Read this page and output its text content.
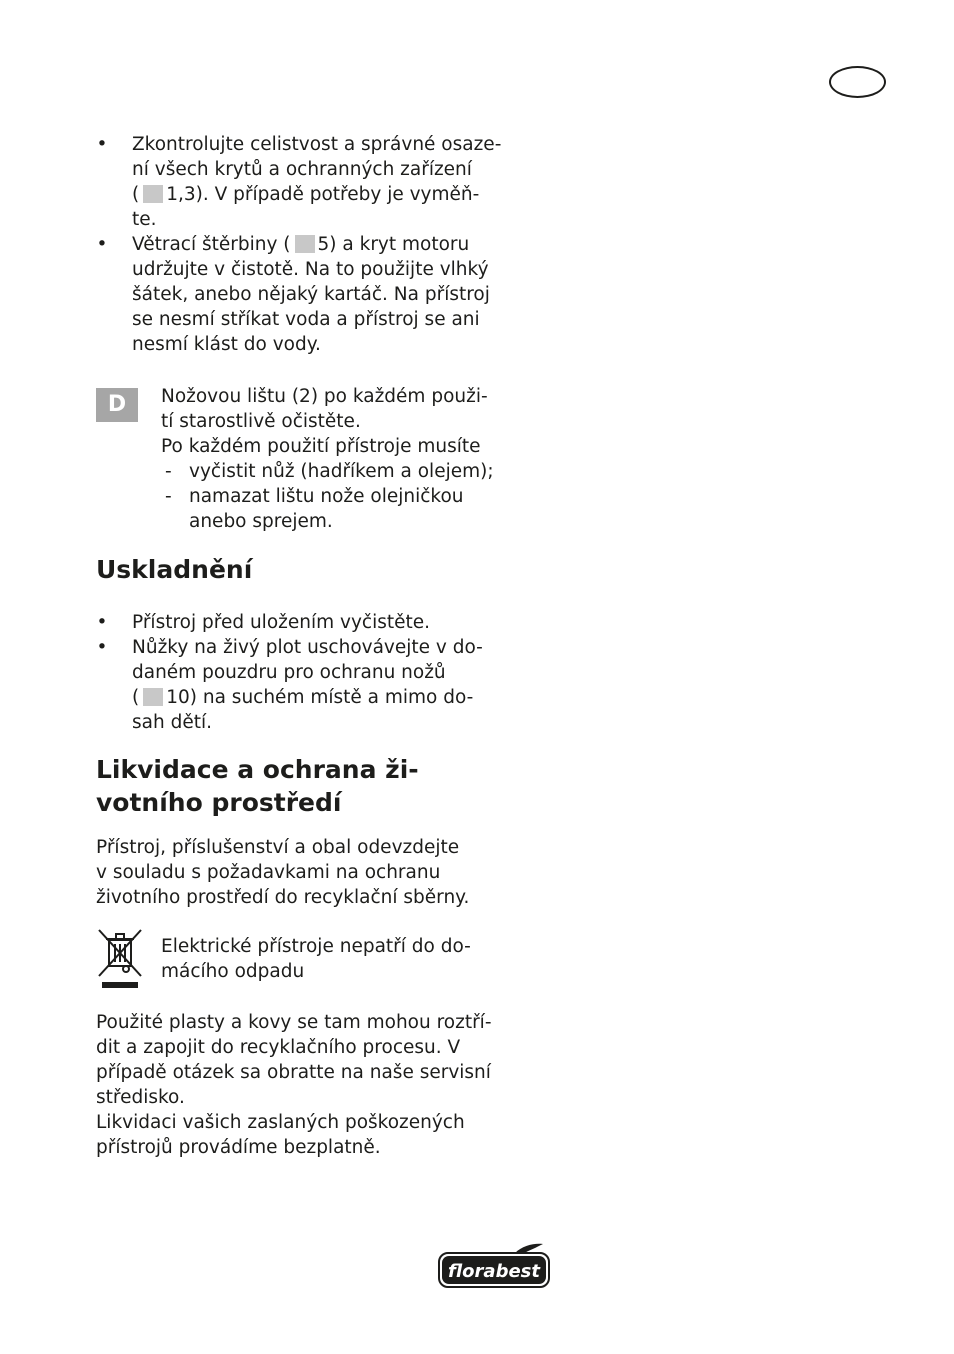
• Zkontrolujte celistvost a správné osaze-
ní všech krytů a ochranných zařízení
( 1,3). V případě potřeby je vyměň-
te.
• Větrací štěrbiny ( 5) a kryt motoru
udržujte v čistotě. Na to použijte vlhký
šátek, anebo nějaký kartáč. Na přístroj
se nesmí stříkat voda a přístroj se ani
nesmí klást do vody.
D	Nožovou lištu (2) po každém použi-
tí starostlivě očistěte.
Po každém použití přístroje musíte
- vyčistit nůž (hadříkem a olejem);
- namazat lištu nože olejničkou
anebo sprejem.
Uskladnění
• Přístroj před uložením vyčistěte.
• Nůžky na živý plot uschovávejte v do-
daném pouzdru pro ochranu nožů
( 10) na suchém místě a mimo do-
sah dětí.
Likvidace a ochrana ži-
votního prostředí
Přístroj, příslušenství a obal odevzdejte
v souladu s požadavkami na ochranu
životního prostředí do recyklační sběrny.
Elektrické přístroje nepatří do do-
mácího odpadu
Použité plasty a kovy se tam mohou roztří-
dit a zapojit do recyklačního procesu. V
případě otázek sa obratte na naše servisní
středisko.
Likvidaci vašich zaslaných poškozených
přístrojů provádíme bezplatně.
florabest
